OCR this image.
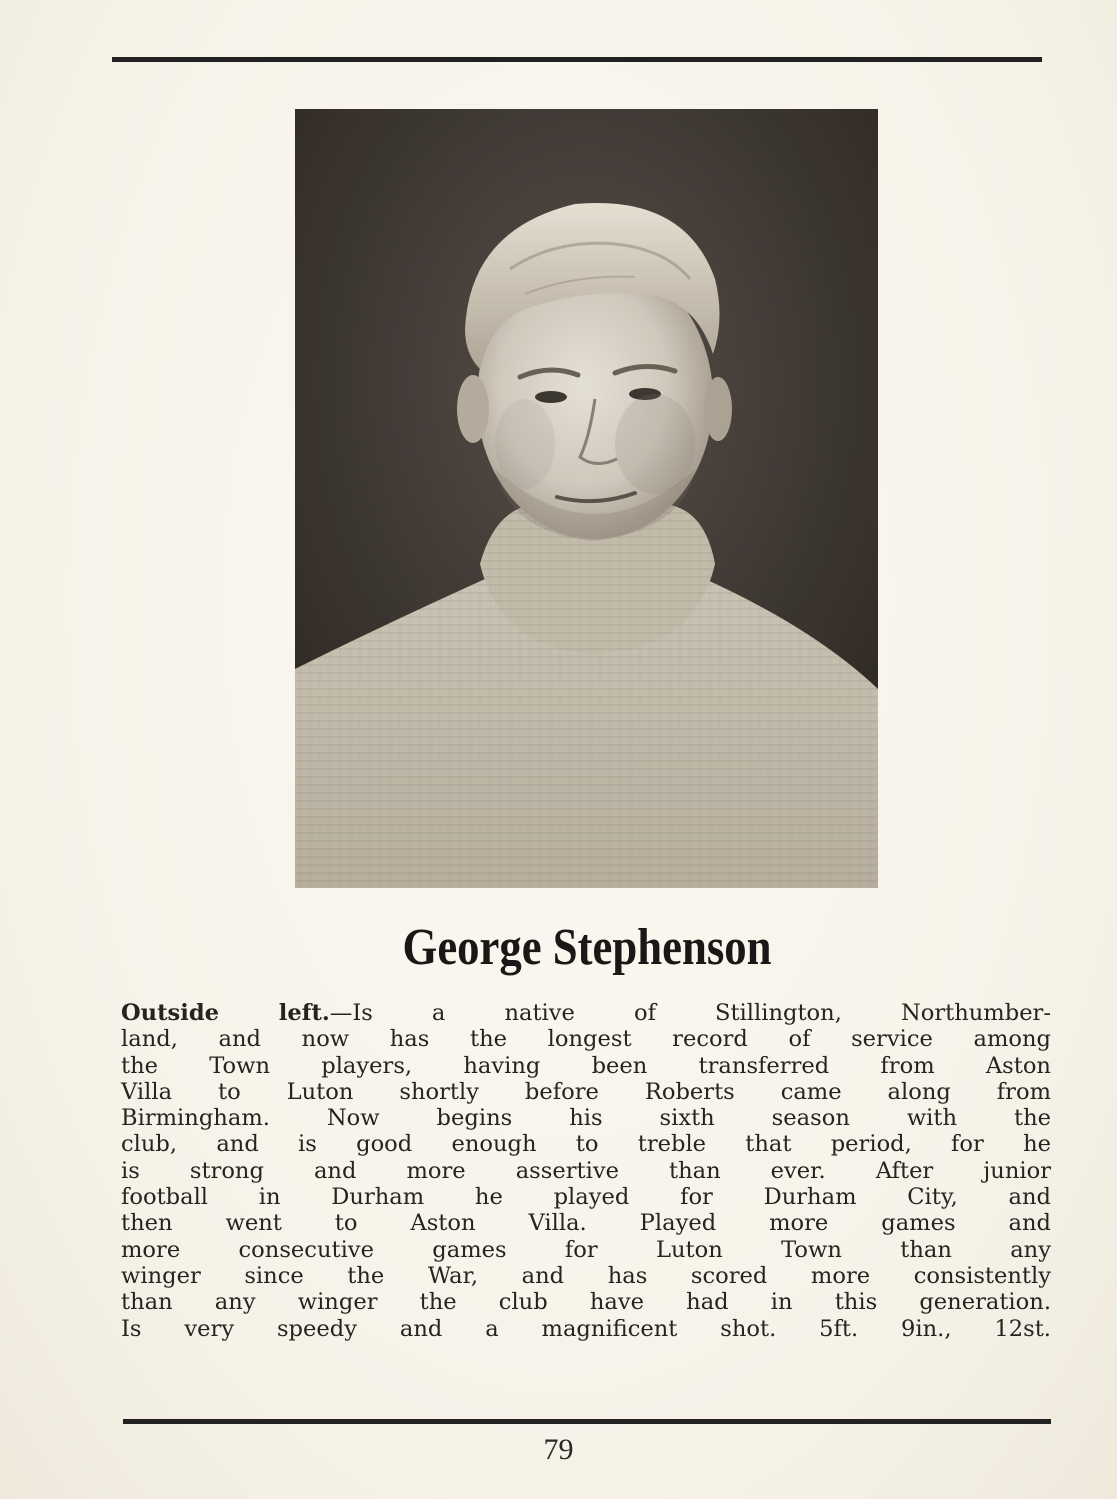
George Stephenson
Outside left.—Is a native of Stillington, Northumber-
land, and now has the longest record of service among
the Town players, having been transferred from Aston
Villa to Luton shortly before Roberts came along from
Birmingham. Now begins his sixth season with the
club, and is good enough to treble that period, for he
is strong and more assertive than ever. After junior
football in Durham he played for Durham City, and
then went to Aston Villa. Played more games and
more consecutive games for Luton Town than any
winger since the War, and has scored more consistently
than any winger the club have had in this generation.
Is very speedy and a magnificent shot. 5ft. 9in., 12st.
79
